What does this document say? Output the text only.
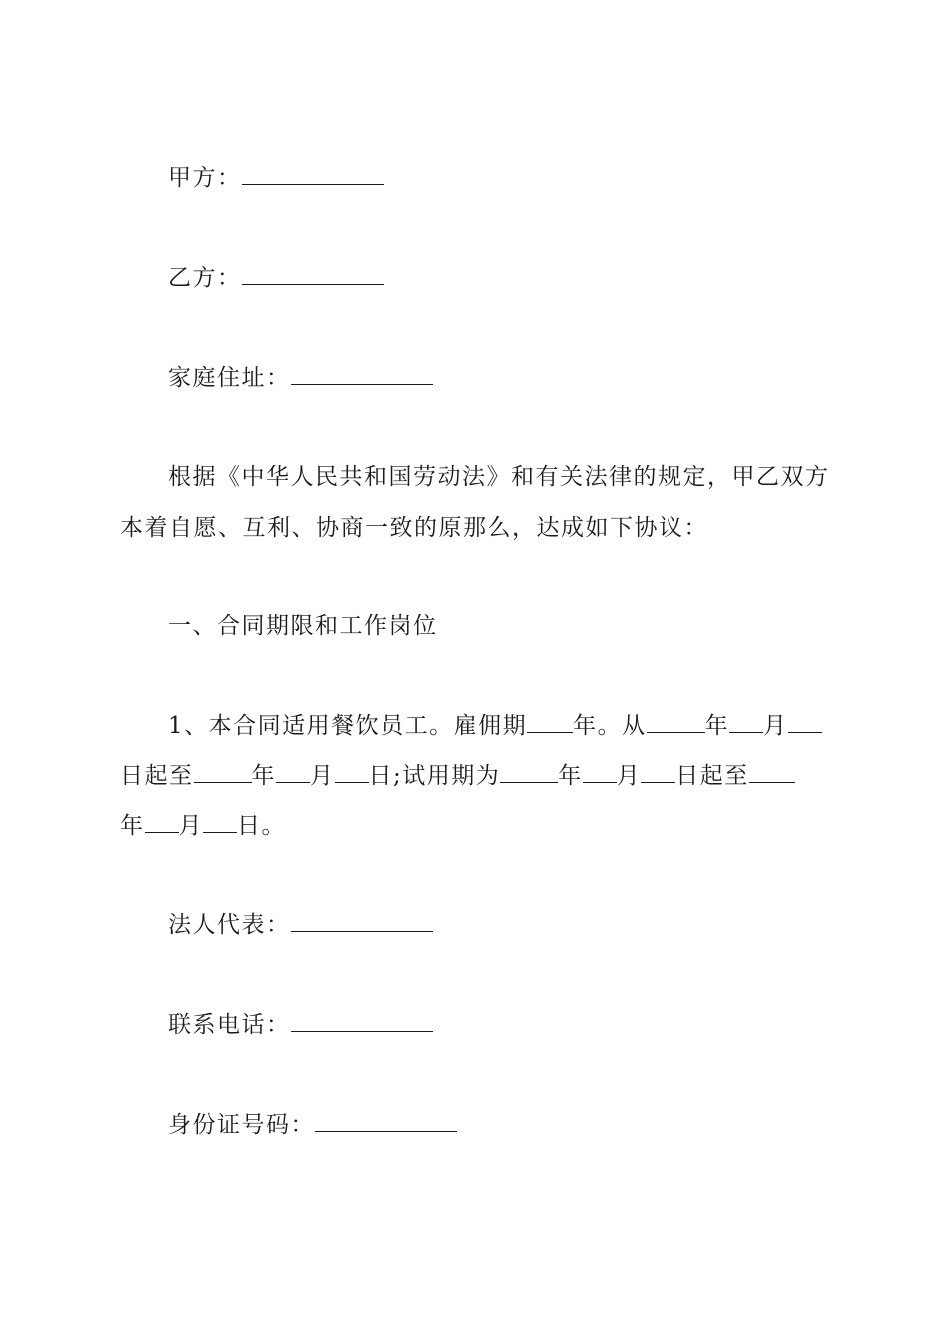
甲方：
乙方：
家庭住址：
根据《中华人民共和国劳动法》和有关法律的规定，甲乙双方
本着自愿、互利、协商一致的原那么，达成如下协议：
一、合同期限和工作岗位
1、本合同适用餐饮员工。雇佣期 年。从	年 月
日起至	年 月 日;试用期为	年 月 日起至
年 月 日。
法人代表：
联系电话：
身份证号码：
